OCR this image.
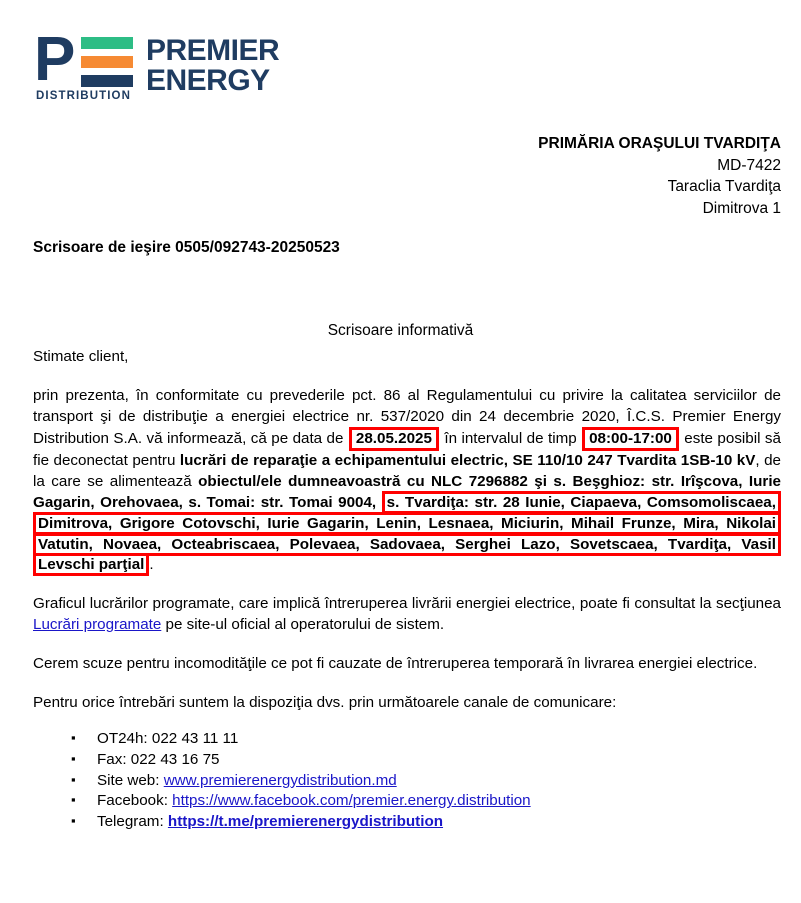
P
DISTRIBUTION
PREMIER
ENERGY
PRIMĂRIA ORAŞULUI TVARDIŢA
MD-7422
Taraclia Tvardiţa
Dimitrova 1
Scrisoare de ieşire 0505/092743-20250523
Scrisoare informativă
Stimate client,

prin prezenta, în conformitate cu prevederile pct. 86 al Regulamentului cu privire la calitatea serviciilor de transport şi de distribuţie a energiei electrice nr. 537/2020 din 24 decembrie 2020, Î.C.S. Premier Energy Distribution S.A. vă informează, că pe data de 28.05.2025 în intervalul de timp 08:00-17:00 este posibil să fie deconectat pentru lucrări de reparaţie a echipamentului electric, SE 110/10 247 Tvardita 1SB-10 kV, de la care se alimentează obiectul/ele dumneavoastră cu NLC 7296882 şi s. Beşghioz: str. Irîşcova, Iurie Gagarin, Orehovaea, s. Tomai: str. Tomai 9004, s. Tvardiţa: str. 28 Iunie, Ciapaeva, Comsomoliscaea, Dimitrova, Grigore Cotovschi, Iurie Gagarin, Lenin, Lesnaea, Miciurin, Mihail Frunze, Mira, Nikolai Vatutin, Novaea, Octeabriscaea, Polevaea, Sadovaea, Serghei Lazo, Sovetscaea, Tvardiţa, Vasil Levschi parţial .

Graficul lucrărilor programate, care implică întreruperea livrării energiei electrice, poate fi consultat la secţiunea Lucrări programate pe site-ul oficial al operatorului de sistem.

Cerem scuze pentru incomodităţile ce pot fi cauzate de întreruperea temporară în livrarea energiei electrice.

Pentru orice întrebări suntem la dispoziţia dvs. prin următoarele canale de comunicare:

▪ OT24h: 022 43 11 11
▪ Fax: 022 43 16 75
▪ Site web: www.premierenergydistribution.md
▪ Facebook: https://www.facebook.com/premier.energy.distribution
▪ Telegram: https://t.me/premierenergydistribution
